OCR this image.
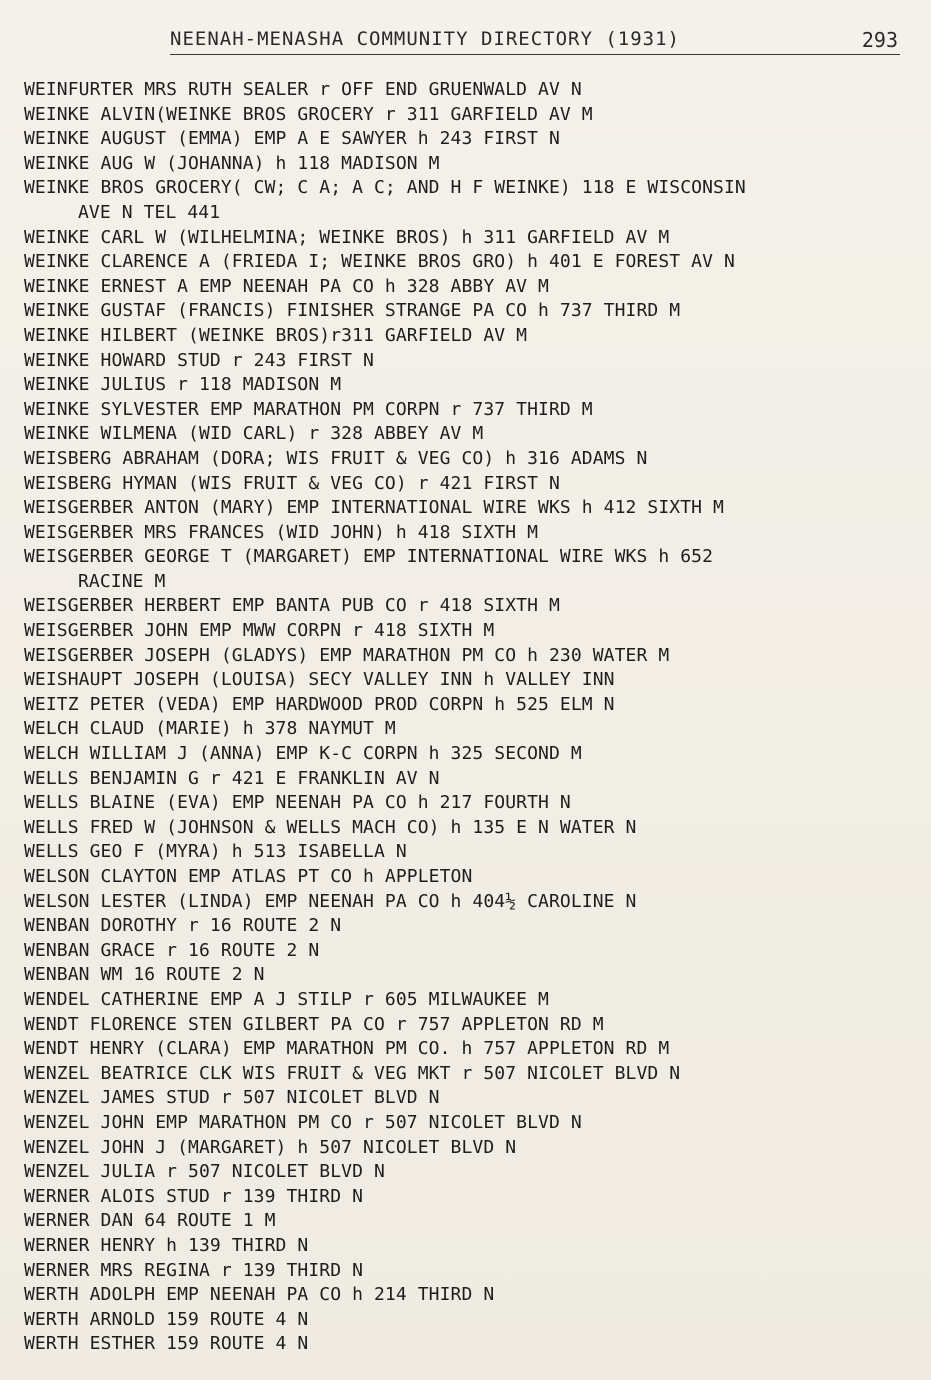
NEENAH-MENASHA COMMUNITY DIRECTORY (1931)	293
WEINFURTER MRS RUTH SEALER r OFF END GRUENWALD AV N
WEINKE ALVIN(WEINKE BROS GROCERY r 311 GARFIELD AV M
WEINKE AUGUST (EMMA) EMP A E SAWYER h 243 FIRST N
WEINKE AUG W (JOHANNA) h 118 MADISON M
WEINKE BROS GROCERY( CW; C A; A C; AND H F WEINKE) 118 E WISCONSIN
AVE N TEL 441
WEINKE CARL W (WILHELMINA; WEINKE BROS) h 311 GARFIELD AV M
WEINKE CLARENCE A (FRIEDA I; WEINKE BROS GRO) h 401 E FOREST AV N
WEINKE ERNEST A EMP NEENAH PA CO h 328 ABBY AV M
WEINKE GUSTAF (FRANCIS) FINISHER STRANGE PA CO h 737 THIRD M
WEINKE HILBERT (WEINKE BROS)r311 GARFIELD AV M
WEINKE HOWARD STUD r 243 FIRST N
WEINKE JULIUS r 118 MADISON M
WEINKE SYLVESTER EMP MARATHON PM CORPN r 737 THIRD M
WEINKE WILMENA (WID CARL) r 328 ABBEY AV M
WEISBERG ABRAHAM (DORA; WIS FRUIT & VEG CO) h 316 ADAMS N
WEISBERG HYMAN (WIS FRUIT & VEG CO) r 421 FIRST N
WEISGERBER ANTON (MARY) EMP INTERNATIONAL WIRE WKS h 412 SIXTH M
WEISGERBER MRS FRANCES (WID JOHN) h 418 SIXTH M
WEISGERBER GEORGE T (MARGARET) EMP INTERNATIONAL WIRE WKS h 652
RACINE M
WEISGERBER HERBERT EMP BANTA PUB CO r 418 SIXTH M
WEISGERBER JOHN EMP MWW CORPN r 418 SIXTH M
WEISGERBER JOSEPH (GLADYS) EMP MARATHON PM CO h 230 WATER M
WEISHAUPT JOSEPH (LOUISA) SECY VALLEY INN h VALLEY INN
WEITZ PETER (VEDA) EMP HARDWOOD PROD CORPN h 525 ELM N
WELCH CLAUD (MARIE) h 378 NAYMUT M
WELCH WILLIAM J (ANNA) EMP K-C CORPN h 325 SECOND M
WELLS BENJAMIN G r 421 E FRANKLIN AV N
WELLS BLAINE (EVA) EMP NEENAH PA CO h 217 FOURTH N
WELLS FRED W (JOHNSON & WELLS MACH CO) h 135 E N WATER N
WELLS GEO F (MYRA) h 513 ISABELLA N
WELSON CLAYTON EMP ATLAS PT CO h APPLETON
WELSON LESTER (LINDA) EMP NEENAH PA CO h 404½ CAROLINE N
WENBAN DOROTHY r 16 ROUTE 2 N
WENBAN GRACE r 16 ROUTE 2 N
WENBAN WM 16 ROUTE 2 N
WENDEL CATHERINE EMP A J STILP r 605 MILWAUKEE M
WENDT FLORENCE STEN GILBERT PA CO r 757 APPLETON RD M
WENDT HENRY (CLARA) EMP MARATHON PM CO. h 757 APPLETON RD M
WENZEL BEATRICE CLK WIS FRUIT & VEG MKT r 507 NICOLET BLVD N
WENZEL JAMES STUD r 507 NICOLET BLVD N
WENZEL JOHN EMP MARATHON PM CO r 507 NICOLET BLVD N
WENZEL JOHN J (MARGARET) h 507 NICOLET BLVD N
WENZEL JULIA r 507 NICOLET BLVD N
WERNER ALOIS STUD r 139 THIRD N
WERNER DAN 64 ROUTE 1 M
WERNER HENRY h 139 THIRD N
WERNER MRS REGINA r 139 THIRD N
WERTH ADOLPH EMP NEENAH PA CO h 214 THIRD N
WERTH ARNOLD 159 ROUTE 4 N
WERTH ESTHER 159 ROUTE 4 N
